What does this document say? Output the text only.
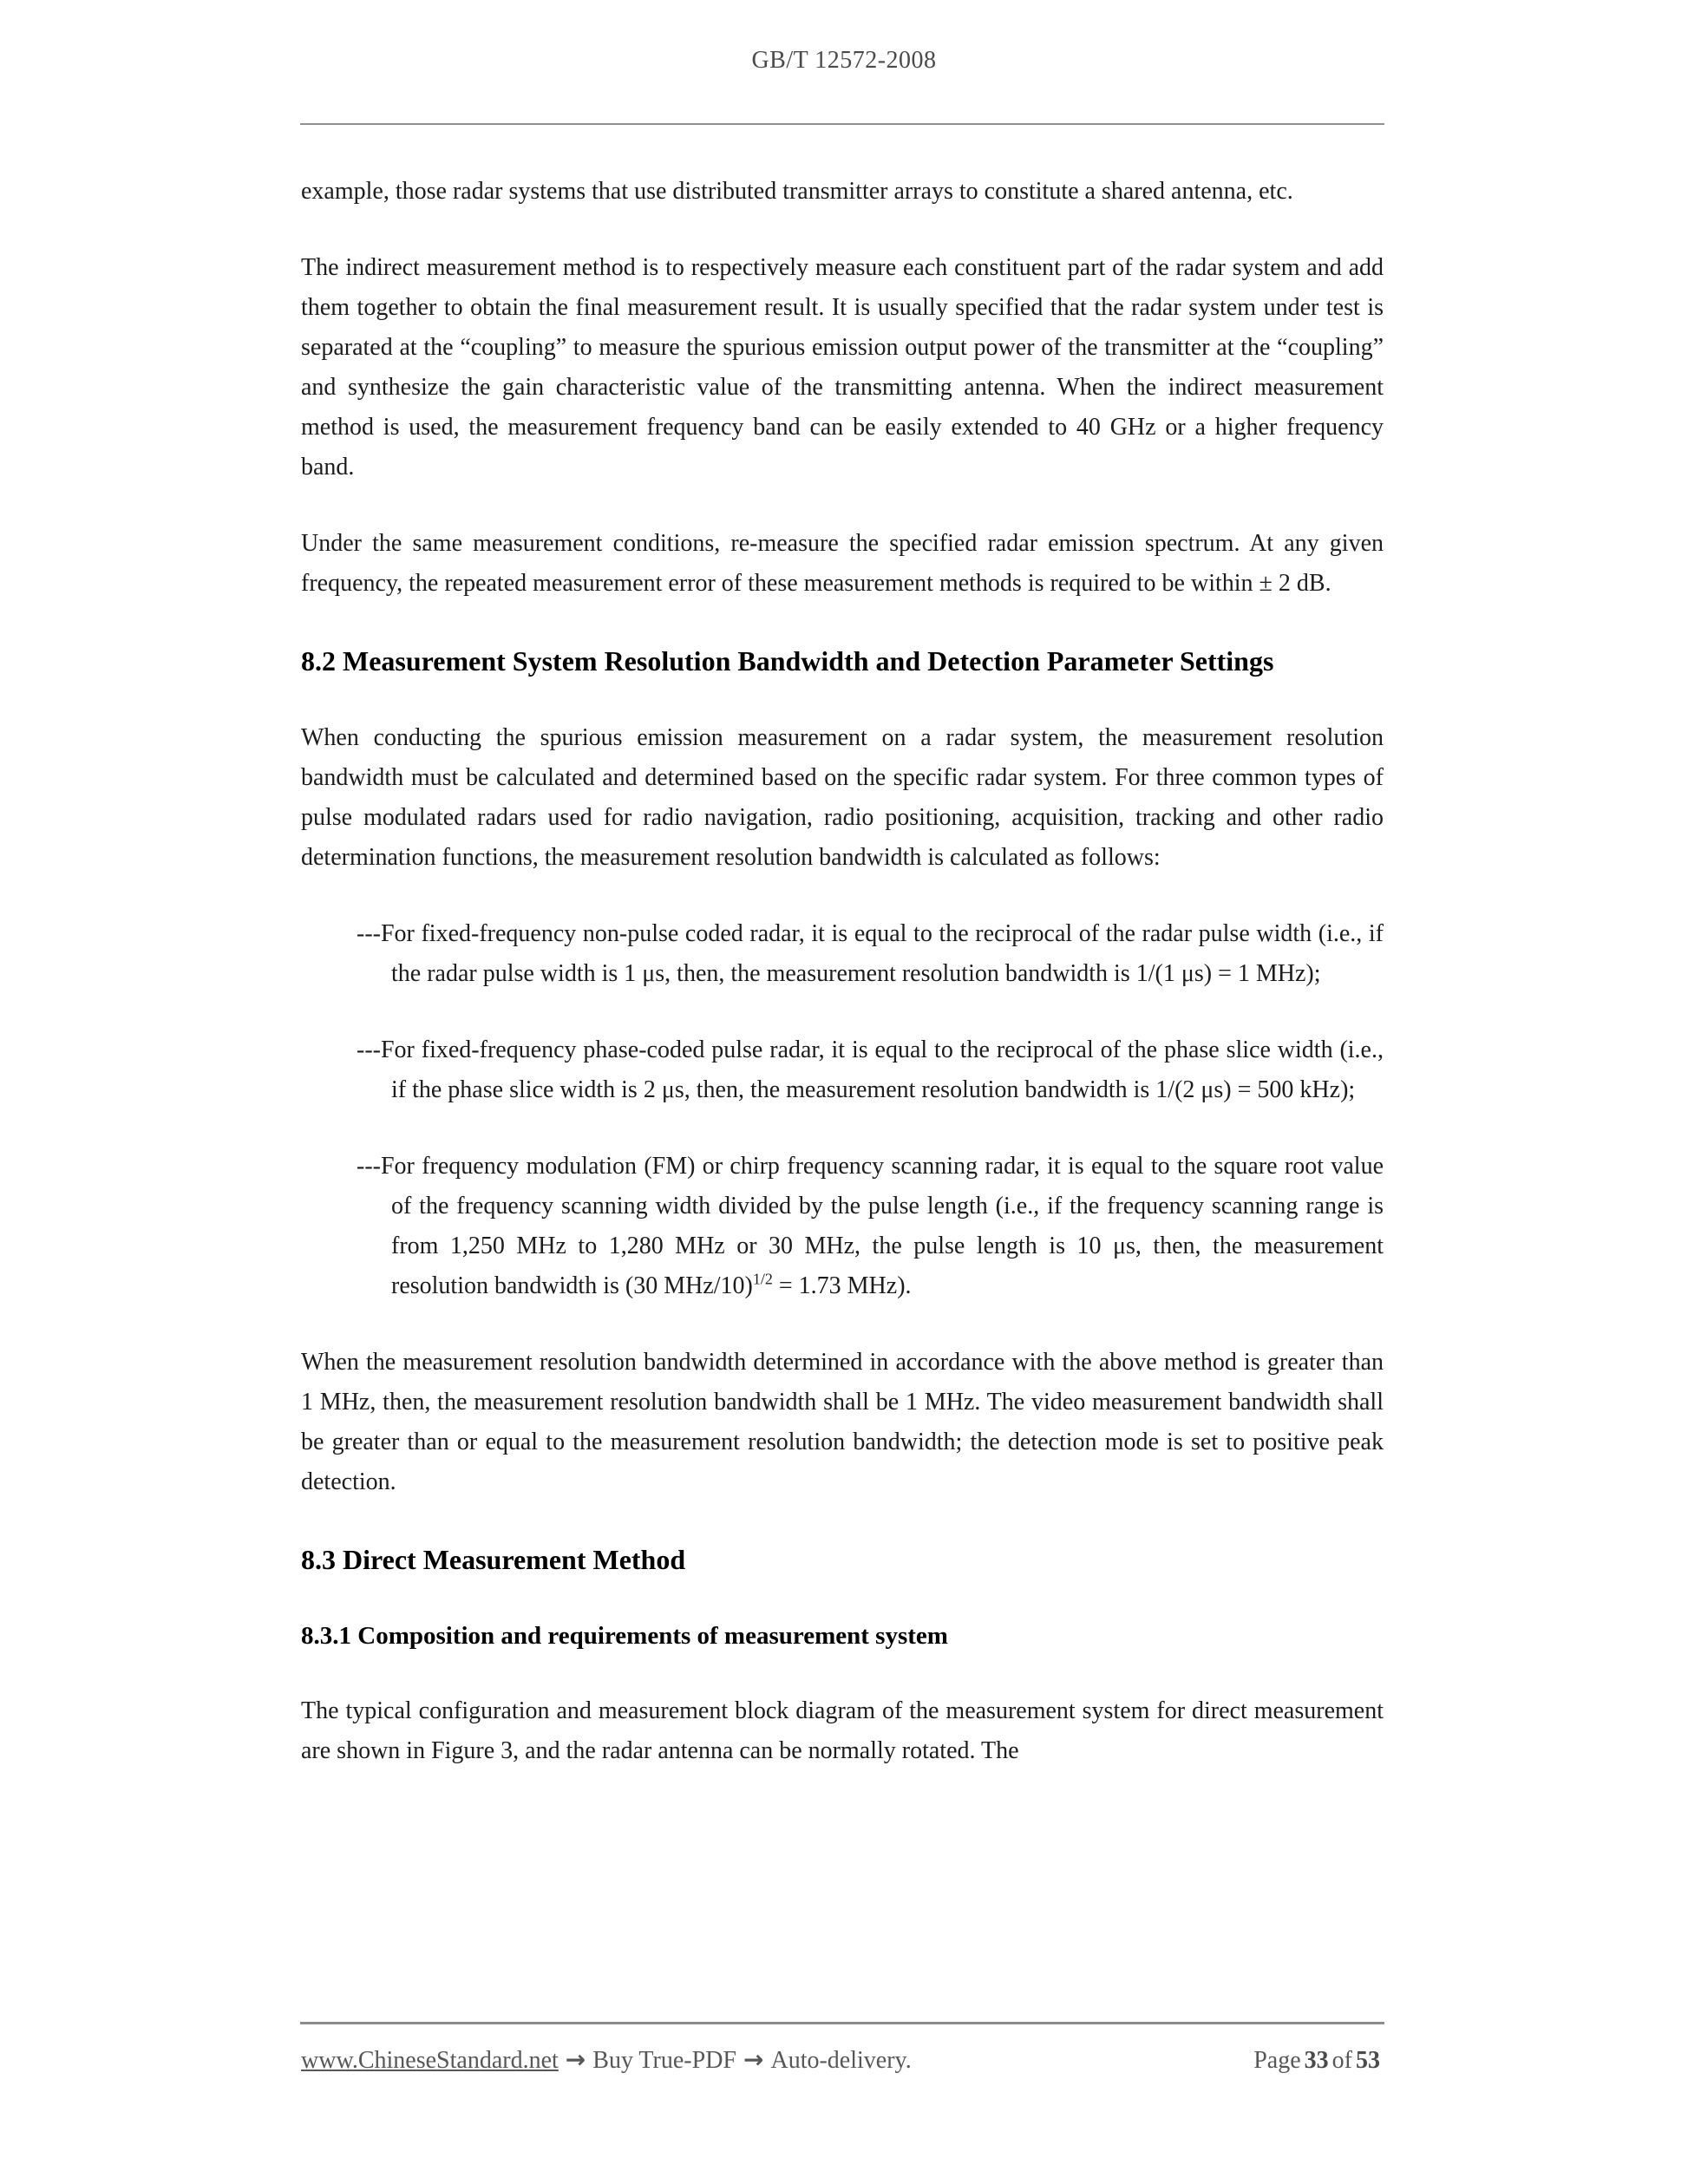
GB/T 12572-2008

example, those radar systems that use distributed transmitter arrays to constitute a shared antenna, etc.

The indirect measurement method is to respectively measure each constituent part of the radar system and add them together to obtain the final measurement result. It is usually specified that the radar system under test is separated at the “coupling” to measure the spurious emission output power of the transmitter at the “coupling” and synthesize the gain characteristic value of the transmitting antenna. When the indirect measurement method is used, the measurement frequency band can be easily extended to 40 GHz or a higher frequency band.

Under the same measurement conditions, re-measure the specified radar emission spectrum. At any given frequency, the repeated measurement error of these measurement methods is required to be within ± 2 dB.

8.2 Measurement System Resolution Bandwidth and Detection Parameter Settings

When conducting the spurious emission measurement on a radar system, the measurement resolution bandwidth must be calculated and determined based on the specific radar system. For three common types of pulse modulated radars used for radio navigation, radio positioning, acquisition, tracking and other radio determination functions, the measurement resolution bandwidth is calculated as follows:

---For fixed-frequency non-pulse coded radar, it is equal to the reciprocal of the radar pulse width (i.e., if the radar pulse width is 1 μs, then, the measurement resolution bandwidth is 1/(1 μs) = 1 MHz);

---For fixed-frequency phase-coded pulse radar, it is equal to the reciprocal of the phase slice width (i.e., if the phase slice width is 2 μs, then, the measurement resolution bandwidth is 1/(2 μs) = 500 kHz);

---For frequency modulation (FM) or chirp frequency scanning radar, it is equal to the square root value of the frequency scanning width divided by the pulse length (i.e., if the frequency scanning range is from 1,250 MHz to 1,280 MHz or 30 MHz, the pulse length is 10 μs, then, the measurement resolution bandwidth is (30 MHz/10)$^{1/2}$ = 1.73 MHz).

When the measurement resolution bandwidth determined in accordance with the above method is greater than 1 MHz, then, the measurement resolution bandwidth shall be 1 MHz. The video measurement bandwidth shall be greater than or equal to the measurement resolution bandwidth; the detection mode is set to positive peak detection.

8.3 Direct Measurement Method

8.3.1 Composition and requirements of measurement system

The typical configuration and measurement block diagram of the measurement system for direct measurement are shown in Figure 3, and the radar antenna can be normally rotated. The

www.ChineseStandard.net → Buy True-PDF → Auto-delivery.	Page 33 of 53
